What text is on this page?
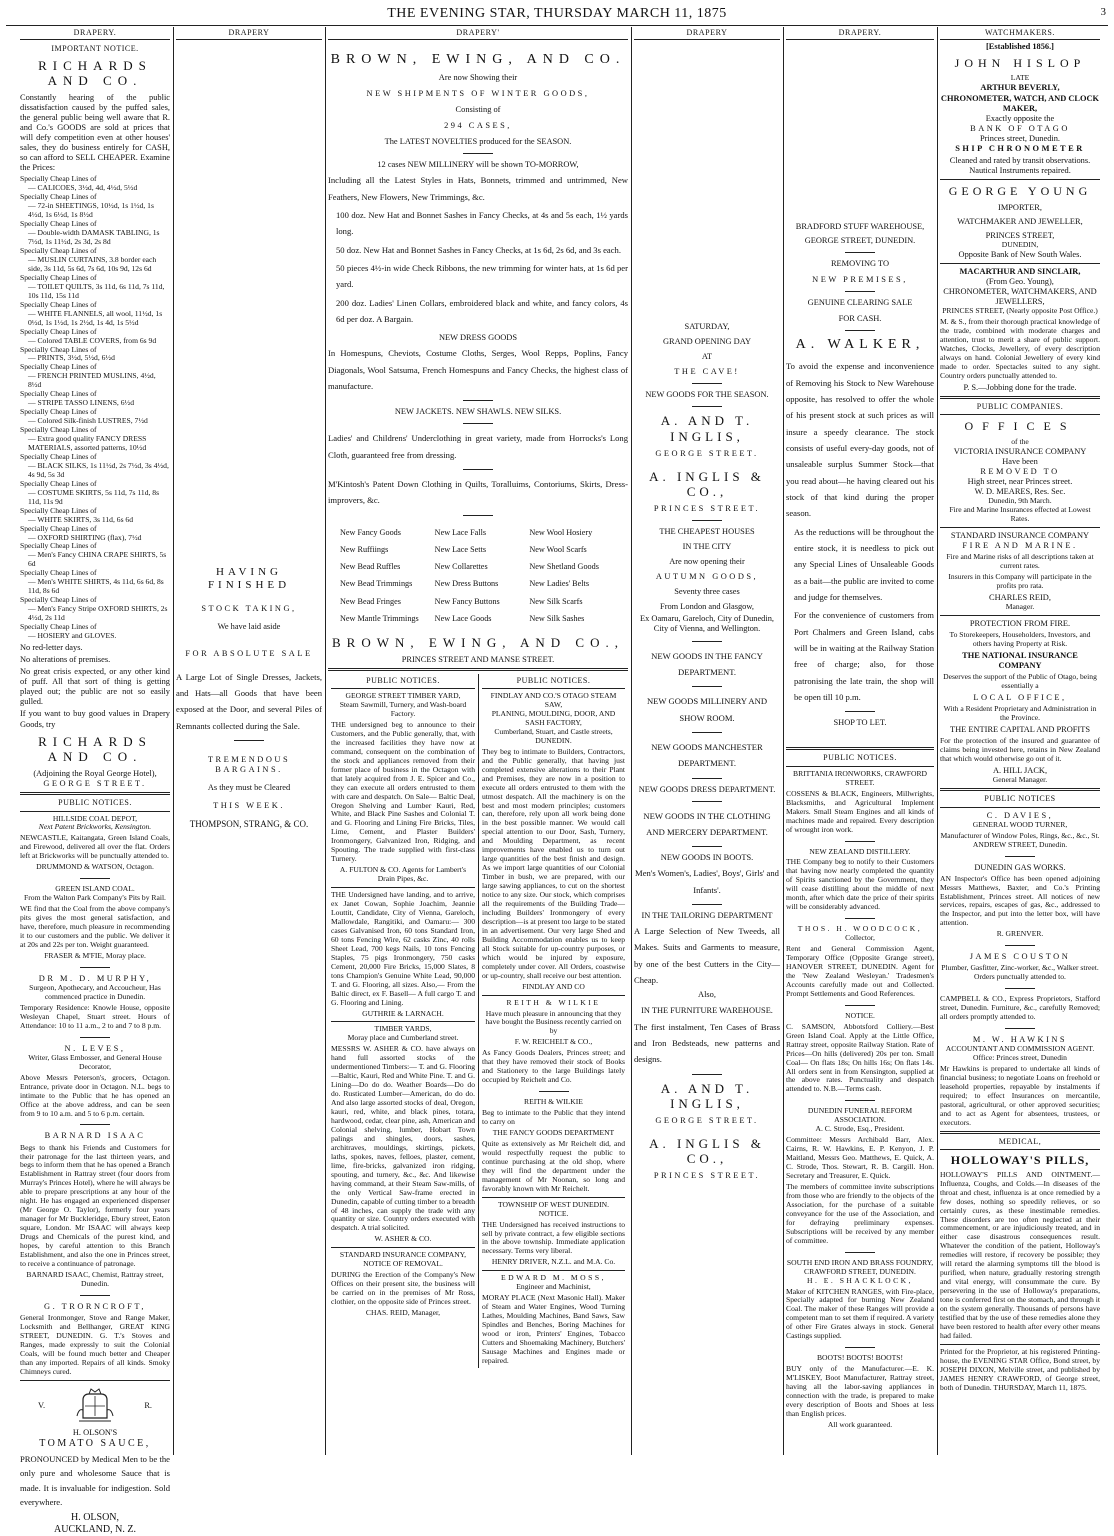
THE EVENING STAR, THURSDAY MARCH 11, 1875	3
DRAPERY.	DRAPERY	DRAPERY'	DRAPERY	DRAPERY.	WATCHMAKERS.
IMPORTANT NOTICE.
RICHARDS AND CO.

Constantly hearing of the public dissatisfaction caused by the puffed sales, the general public being well aware that R. and Co.'s GOODS are sold at prices that will defy competition even at other houses' sales, they do business entirely for CASH, so can afford to SELL CHEAPER. Examine the Prices:

Specially Cheap Lines of
— CALICOES, 3½d, 4d, 4½d, 5½d
Specially Cheap Lines of
— 72-in SHEETINGS, 10½d, 1s 1½d, 1s 4½d, 1s 6½d, 1s 8½d
Specially Cheap Lines of
— Double-width DAMASK TABLING, 1s 7½d, 1s 11½d, 2s 3d, 2s 8d
Specially Cheap Lines of
— MUSLIN CURTAINS, 3.8 border each side, 3s 11d, 5s 6d, 7s 6d, 10s 9d, 12s 6d
Specially Cheap Lines of
— TOILET QUILTS, 3s 11d, 6s 11d, 7s 11d, 10s 11d, 15s 11d
Specially Cheap Lines of
— WHITE FLANNELS, all wool, 11½d, 1s 0½d, 1s 1½d, 1s 2½d, 1s 4d, 1s 5½d
Specially Cheap Lines of
— Colored TABLE COVERS, from 6s 9d
Specially Cheap Lines of
— PRINTS, 3½d, 5½d, 6½d
Specially Cheap Lines of
— FRENCH PRINTED MUSLINS, 4½d, 8½d
Specially Cheap Lines of
— STRIPE TASSO LINENS, 6½d
Specially Cheap Lines of
— Colored Silk-finish LUSTRES, 7½d
Specially Cheap Lines of
— Extra good quality FANCY DRESS MATERIALS, assorted patterns, 10½d
Specially Cheap Lines of
— BLACK SILKS, 1s 11½d, 2s 7½d, 3s 4½d, 4s 9d, 5s 3d
Specially Cheap Lines of
— COSTUME SKIRTS, 5s 11d, 7s 11d, 8s 11d, 11s 9d
Specially Cheap Lines of
— WHITE SKIRTS, 3s 11d, 6s 6d
Specially Cheap Lines of
— OXFORD SHIRTING (flax), 7½d
Specially Cheap Lines of
— Men's Fancy CHINA CRAPE SHIRTS, 5s 6d
Specially Cheap Lines of
— Men's WHITE SHIRTS, 4s 11d, 6s 6d, 8s 11d, 8s 6d
Specially Cheap Lines of
— Men's Fancy Stripe OXFORD SHIRTS, 2s 4½d, 2s 11d
Specially Cheap Lines of
— HOSIERY and GLOVES.

No red-letter days.

No alterations of premises.

No great crisis expected, or any other kind of puff. All that sort of thing is getting played out; the public are not so easily gulled.

If you want to buy good values in Drapery Goods, try

RICHARDS AND CO.
(Adjoining the Royal George Hotel),
GEORGE STREET.
PUBLIC NOTICES.
HILLSIDE COAL DEPOT,
Next Patent Brickworks, Kensington.

NEWCASTLE, Kaitangata, Green Island Coals, and Firewood, delivered all over the flat. Orders left at Brickworks will be punctually attended to.

DRUMMOND & WATSON, Octagon.

GREEN ISLAND COAL.
From the Walton Park Company's Pits by Rail.

WE find that the Coal from the above company's pits gives the most general satisfaction, and have, therefore, much pleasure in recommending it to our customers and the public. We deliver it at 20s and 22s per ton. Weight guaranteed.

FRASER & M'FIE, Moray place.

DR M. D. MURPHY,
Surgeon, Apothecary, and Accoucheur, Has commenced practice in Dunedin.

Temporary Residence: Knowle House, opposite Wesleyan Chapel, Stuart street. Hours of Attendance: 10 to 11 a.m., 2 to and 7 to 8 p.m.

N. LEVES,
Writer, Glass Embosser, and General House Decorator,

Above Messrs Peterson's, grocers, Octagon. Entrance, private door in Octagon. N.L. begs to intimate to the Public that he has opened an Office at the above address, and can be seen from 9 to 10 a.m. and 5 to 6 p.m. certain.

BARNARD ISAAC

Begs to thank his Friends and Customers for their patronage for the last thirteen years, and begs to inform them that he has opened a Branch Establishment in Rattray street (four doors from Murray's Princes Hotel), where he will always be able to prepare prescriptions at any hour of the night. He has engaged an experienced dispenser (Mr George O. Taylor), formerly four years manager for Mr Buckleridge, Ebury street, Eaton square, London. Mr ISAAC will always keep Drugs and Chemicals of the purest kind, and hopes, by careful attention to this Branch Establishment, and also the one in Princes street, to receive a continuance of patronage.

BARNARD ISAAC, Chemist, Rattray street, Dunedin.

G. TRORNCROFT,

General Ironmonger, Stove and Range Maker, Locksmith and Bellhanger, GREAT KING STREET, DUNEDIN. G. T.'s Stoves and Ranges, made expressly to suit the Colonial Coals, will be found much better and Cheaper than any imported. Repairs of all kinds. Smoky Chimneys cured.

V.	R.
H. OLSON'S
TOMATO SAUCE,

PRONOUNCED by Medical Men to be the only pure and wholesome Sauce that is made. It is invaluable for indigestion. Sold everywhere.

H. OLSON,
AUCKLAND, N. Z.
HAVING FINISHED
STOCK TAKING,
We have laid aside
FOR ABSOLUTE SALE

A Large Lot of Single Dresses, Jackets, and Hats—all Goods that have been exposed at the Door, and several Piles of Remnants collected during the Sale.

TREMENDOUS BARGAINS.
As they must be Cleared
THIS WEEK.
THOMPSON, STRANG, & CO.
BROWN, EWING, AND CO.
Are now Showing their
NEW SHIPMENTS OF WINTER GOODS,
Consisting of
294 CASES,
The LATEST NOVELTIES produced for the SEASON.
12 cases NEW MILLINERY will be shown TO-MORROW,

Including all the Latest Styles in Hats, Bonnets, trimmed and untrimmed, New Feathers, New Flowers, New Trimmings, &c.

100 doz. New Hat and Bonnet Sashes in Fancy Checks, at 4s and 5s each, 1½ yards long.

50 doz. New Hat and Bonnet Sashes in Fancy Checks, at 1s 6d, 2s 6d, and 3s each.

50 pieces 4½-in wide Check Ribbons, the new trimming for winter hats, at 1s 6d per yard.

200 doz. Ladies' Linen Collars, embroidered black and white, and fancy colors, 4s 6d per doz. A Bargain.

NEW DRESS GOODS

In Homespuns, Cheviots, Costume Cloths, Serges, Wool Repps, Poplins, Fancy Diagonals, Wool Satsuma, French Homespuns and Fancy Checks, the highest class of manufacture.

NEW JACKETS. NEW SHAWLS. NEW SILKS.

Ladies' and Childrens' Underclothing in great variety, made from Horrocks's Long Cloth, guaranteed free from dressing.

M'Kintosh's Patent Down Clothing in Quilts, Toralluims, Contoriums, Skirts, Dress-improvers, &c.

New Fancy Goods	New Lace Falls	New Wool Hosiery
New Ruffiings	New Lace Setts	New Wool Scarfs
New Bead Ruffles	New Collarettes	New Shetland Goods
New Bead Trimmings	New Dress Buttons	New Ladies' Belts
New Bead Fringes	New Fancy Buttons	New Silk Scarfs
New Mantle Trimmings	New Lace Goods	New Silk Sashes
BROWN, EWING, AND CO.,
PRINCES STREET AND MANSE STREET.
PUBLIC NOTICES.
GEORGE STREET TIMBER YARD,
Steam Sawmill, Turnery, and Wash-board Factory.

THE undersigned beg to announce to their Customers, and the Public generally, that, with the increased facilities they have now at command, consequent on the combination of the stock and appliances removed from their former place of business in the Octagon with that lately acquired from J. E. Spicer and Co., they can execute all orders entrusted to them with care and despatch. On Sale— Baltic Deal, Oregon Shelving and Lumber Kauri, Red, White, and Black Pine Sashes and Colonial T. and G. Flooring and Lining Fire Bricks, Tiles, Lime, Cement, and Plaster Builders' Ironmongery, Galvanized Iron, Ridging, and Spouting. The trade supplied with first-class Turnery.

A. FULTON & CO. Agents for Lambert's Drain Pipes, &c.

THE Undersigned have landing, and to arrive, ex Janet Cowan, Sophie Joachim, Jeannie Louttit, Candidate, City of Vienna, Gareloch, Mallowdale, Rangitiki, and Oamaru:— 300 cases Galvanised Iron, 60 tons Standard Iron, 60 tons Fencing Wire, 62 casks Zinc, 40 rolls Sheet Lead, 700 kegs Nails, 10 tons Fencing Staples, 75 pigs Ironmongery, 750 casks Cement, 20,000 Fire Bricks, 15,000 Slates, 8 tons Champion's Genuine White Lead, 90,000 T. and G. Flooring, all sizes. Also,— From the Baltic direct, ex F. Basell— A full cargo T. and G. Flooring and Lining.

GUTHRIE & LARNACH.

TIMBER YARDS,
Moray place and Cumberland street.

MESSRS W. ASHER & CO. have always on hand full assorted stocks of the undermentioned Timbers:— T. and G. Flooring—Baltic, Kauri, Red and White Pine. T. and G. Lining—Do do do. Weather Boards—Do do do. Rusticated Lumber—American, do do do. And also large assorted stocks of deal, Oregon, kauri, red, white, and black pines, totara, hardwood, cedar, clear pine, ash, American and Colonial shelving, lumber, Hobart Town palings and shingles, doors, sashes, architraves, mouldings, skirtings, pickets, laths, spokes, naves, felloes, plaster, cement, lime, fire-bricks, galvanized iron ridging, spouting, and turnery, &c., &c. And likewise having command, at their Steam Saw-mills, of the only Vertical Saw-frame erected in Dunedin, capable of cutting timber to a breadth of 48 inches, can supply the trade with any quantity or size. Country orders executed with despatch. A trial solicited.

W. ASHER & CO.

STANDARD INSURANCE COMPANY,
NOTICE OF REMOVAL.

DURING the Erection of the Company's New Offices on their present site, the business will be carried on in the premises of Mr Ross, clothier, on the opposite side of Princes street.

CHAS. REID, Manager,

PUBLIC NOTICES.
FINDLAY AND CO.'S OTAGO STEAM SAW,
PLANING, MOULDING, DOOR, AND SASH FACTORY,
Cumberland, Stuart, and Castle streets, DUNEDIN.

They beg to intimate to Builders, Contractors, and the Public generally, that having just completed extensive alterations to their Plant and Premises, they are now in a position to execute all orders entrusted to them with the utmost despatch. All the machinery is on the best and most modern principles; customers can, therefore, rely upon all work being done in the best possible manner. We would call special attention to our Door, Sash, Turnery, and Moulding Department, as recent improvements have enabled us to turn out large quantities of the best finish and design. As we import large quantities of our Colonial Timber in bush, we are prepared, with our large sawing appliances, to cut on the shortest notice to any size. Our stock, which comprises all the requirements of the Building Trade—including Builders' Ironmongery of every description—is at present too large to be stated in an advertisement. Our very large Shed and Building Accommodation enables us to keep all Stock suitable for up-country purposes, or which would be injured by exposure, completely under cover. All Orders, coastwise or up-country, shall receive our best attention.

FINDLAY AND CO

REITH & WILKIE

Have much pleasure in announcing that they have bought the Business recently carried on by

F. W. REICHELT & CO.,

As Fancy Goods Dealers, Princes street; and that they have removed their stock of Books and Stationery to the large Buildings lately occupied by Reichelt and Co.

REITH & WILKIE

Beg to intimate to the Public that they intend to carry on

THE FANCY GOODS DEPARTMENT

Quite as extensively as Mr Reichelt did, and would respectfully request the public to continue purchasing at the old shop, where they will find the department under the management of Mr Noonan, so long and favorably known with Mr Reichelt.

TOWNSHIP OF WEST DUNEDIN.
NOTICE.

THE Undersigned has received instructions to sell by private contract, a few eligible sections in the above township. Immediate application necessary. Terms very liberal.

HENRY DRIVER, N.Z.L. and M.A. Co.

EDWARD M. MOSS,
Engineer and Machinist,

MORAY PLACE (Next Masonic Hall). Maker of Steam and Water Engines, Wood Turning Lathes, Moulding Machines, Band Saws, Saw Spindles and Benches, Boring Machines for wood or iron, Printers' Engines, Tobacco Cutters and Shoemaking Machinery, Butchers' Sausage Machines and Engines made or repaired.

SATURDAY,
GRAND OPENING DAY
AT
THE CAVE!
NEW GOODS FOR THE SEASON.
A. AND T. INGLIS,
GEORGE STREET.
A. INGLIS & CO.,
PRINCES STREET.
THE CHEAPEST HOUSES
IN THE CITY
Are now opening their
AUTUMN GOODS,
Seventy three cases
From London and Glasgow,

Ex Oamaru, Gareloch, City of Dunedin, City of Vienna, and Wellington.

NEW GOODS IN THE FANCY DEPARTMENT.

NEW GOODS MILLINERY AND SHOW ROOM.

NEW GOODS MANCHESTER DEPARTMENT.

NEW GOODS DRESS DEPARTMENT.

NEW GOODS IN THE CLOTHING AND MERCERY DEPARTMENT.

NEW GOODS IN BOOTS.

Men's Women's, Ladies', Boys', Girls' and Infants'.

IN THE TAILORING DEPARTMENT

A Large Selection of New Tweeds, all Makes. Suits and Garments to measure, by one of the best Cutters in the City—Cheap.

Also,
IN THE FURNITURE WAREHOUSE.

The first instalment, Ten Cases of Brass and Iron Bedsteads, new patterns and designs.

A. AND T. INGLIS,
GEORGE STREET.
A. INGLIS & CO.,
PRINCES STREET.
BRADFORD STUFF WAREHOUSE,
GEORGE STREET, DUNEDIN.
REMOVING TO
NEW PREMISES,
GENUINE CLEARING SALE
FOR CASH.
A. WALKER,

To avoid the expense and inconvenience of Removing his Stock to New Warehouse opposite, has resolved to offer the whole of his present stock at such prices as will insure a speedy clearance. The stock consists of useful every-day goods, not of unsaleable surplus Summer Stock—that you read about—he having cleared out his stock of that kind during the proper season.

As the reductions will be throughout the entire stock, it is needless to pick out any Special Lines of Unsaleable Goods as a bait—the public are invited to come and judge for themselves.

For the convenience of customers from Port Chalmers and Green Island, cabs will be in waiting at the Railway Station free of charge; also, for those patronising the late train, the shop will be open till 10 p.m.

SHOP TO LET.
PUBLIC NOTICES.
BRITTANIA IRONWORKS, CRAWFORD STREET.

COSSENS & BLACK, Engineers, Millwrights, Blacksmiths, and Agricultural Implement Makers. Small Steam Engines and all kinds of machines made and repaired. Every description of wrought iron work.

NEW ZEALAND DISTILLERY.

THE Company beg to notify to their Customers that having now nearly completed the quantity of Spirits sanctioned by the Government, they will cease distilling about the middle of next month, after which date the price of their spirits will be considerably advanced.

THOS. H. WOODCOCK,
Collector,

Rent and General Commission Agent, Temporary Office (Opposite Grange street), HANOVER STREET, DUNEDIN. Agent for the 'New Zealand Wesleyan.' Tradesmen's Accounts carefully made out and Collected. Prompt Settlements and Good References.

NOTICE.

C. SAMSON, Abbotsford Colliery.—Best Green Island Coal. Apply at the Little Office, Rattray street, opposite Railway Station. Rate of Prices—On hills (delivered) 20s per ton. Small Coal— On flats 18s; On hills 16s; On flats 14s. All orders sent in from Kensington, supplied at the above rates. Punctuality and despatch attended to. N.B.—Terms cash.

DUNEDIN FUNERAL REFORM ASSOCIATION.
A. C. Strode, Esq., President.

Committee: Messrs Archibald Barr, Alex. Cairns, R. W. Hawkins, E. P. Kenyon, J. P. Maitland, Messrs Geo. Matthews, E. Quick, A. C. Strode, Thos. Stewart, R. B. Cargill. Hon. Secretary and Treasurer, E. Quick.

The members of committee invite subscriptions from those who are friendly to the objects of the Association, for the purchase of a suitable conveyance for the use of the Association, and for defraying preliminary expenses. Subscriptions will be received by any member of committee.

SOUTH END IRON AND BRASS FOUNDRY, CRAWFORD STREET, DUNEDIN.
H. E. SHACKLOCK,

Maker of KITCHEN RANGES, with Fire-place, Specially adapted for burning New Zealand Coal. The maker of these Ranges will provide a competent man to set them if required. A variety of other Fire Grates always in stock. General Castings supplied.

BOOTS! BOOTS! BOOTS!

BUY only of the Manufacturer.—E. K. M'LISKEY, Boot Manufacturer, Rattray street, having all the labor-saving appliances in connection with the trade, is prepared to make every description of Boots and Shoes at less than English prices.

All work guaranteed.
[Established 1856.]
JOHN HISLOP
LATE
ARTHUR BEVERLY,
CHRONOMETER, WATCH, AND CLOCK MAKER,
Exactly opposite the
BANK OF OTAGO
Princes street, Dunedin.
SHIP CHRONOMETER

Cleaned and rated by transit observations. Nautical Instruments repaired.

GEORGE YOUNG
IMPORTER,
WATCHMAKER AND JEWELLER,
PRINCES STREET,
DUNEDIN,
Opposite Bank of New South Wales.
MACARTHUR AND SINCLAIR,
(From Geo. Young),
CHRONOMETER, WATCHMAKERS, AND JEWELLERS,
PRINCES STREET, (Nearly opposite Post Office.)

M. & S., from their thorough practical knowledge of the trade, combined with moderate charges and attention, trust to merit a share of public support. Watches, Clocks, Jewellery, of every description always on hand. Colonial Jewellery of every kind made to order. Spectacles suited to any sight. Country orders punctually attended to.

P. S.—Jobbing done for the trade.
PUBLIC COMPANIES.
OFFICES
of the
VICTORIA INSURANCE COMPANY
Have been
REMOVED TO
High street, near Princes street.
W. D. MEARES, Res. Sec.
Dunedin, 9th March.
Fire and Marine Insurances effected at Lowest Rates.
STANDARD INSURANCE COMPANY
FIRE AND MARINE.

Fire and Marine risks of all descriptions taken at current rates.

Insurers in this Company will participate in the profits pro rata.

CHARLES REID,
Manager.
PROTECTION FROM FIRE.

To Storekeepers, Householders, Investors, and others having Property at Risk.

THE NATIONAL INSURANCE COMPANY

Deserves the support of the Public of Otago, being essentially a

LOCAL OFFICE,

With a Resident Proprietary and Administration in the Province.

THE ENTIRE CAPITAL AND PROFITS

For the protection of the insured and guarantee of claims being invested here, retains in New Zealand that which would otherwise go out of it.

A. HILL JACK,
General Manager.
PUBLIC NOTICES
C. DAVIES,
GENERAL WOOD TURNER,

Manufacturer of Window Poles, Rings, &c., &c., St. ANDREW STREET, Dunedin.

DUNEDIN GAS WORKS.

AN Inspector's Office has been opened adjoining Messrs Matthews, Baxter, and Co.'s Printing Establishment, Princes street. All notices of new services, repairs, escapes of gas, &c., addressed to the Inspector, and put into the letter box, will have attention.

R. GRENVER.
JAMES COUSTON

Plumber, Gasfitter, Zinc-worker, &c., Walker street. Orders punctually attended to.

CAMPBELL & CO., Express Proprietors, Stafford street, Dunedin. Furniture, &c., carefully Removed; all orders promptly attended to.

M. W. HAWKINS
ACCOUNTANT AND COMMISSION AGENT.
Office: Princes street, Dunedin

Mr Hawkins is prepared to undertake all kinds of financial business; to negotiate Loans on freehold or leasehold properties, repayable by instalments if required; to effect Insurances on mercantile, pastoral, agricultural, or other approved securities; and to act as Agent for absentees, trustees, or executors.

MEDICAL,
HOLLOWAY'S PILLS,

HOLLOWAY'S PILLS AND OINTMENT.—Influenza, Coughs, and Colds.—In diseases of the throat and chest, influenza is at once remedied by a few doses, nothing so speedily relieves, or so certainly cures, as these inestimable remedies. These disorders are too often neglected at their commencement, or are injudiciously treated, and in either case disastrous consequences result. Whatever the condition of the patient, Holloway's remedies will restore, if recovery be possible; they will retard the alarming symptoms till the blood is purified, when nature, gradually restoring strength and vital energy, will consummate the cure. By persevering in the use of Holloway's preparations, tone is conferred first on the stomach, and through it on the system generally. Thousands of persons have testified that by the use of these remedies alone they have been restored to health after every other means had failed.

Printed for the Proprietor, at his registered Printing-house, the EVENING STAR Office, Bond street, by JOSEPH DIXON, Melville street, and published by JAMES HENRY CRAWFORD, of George street, both of Dunedin. THURSDAY, March 11, 1875.
